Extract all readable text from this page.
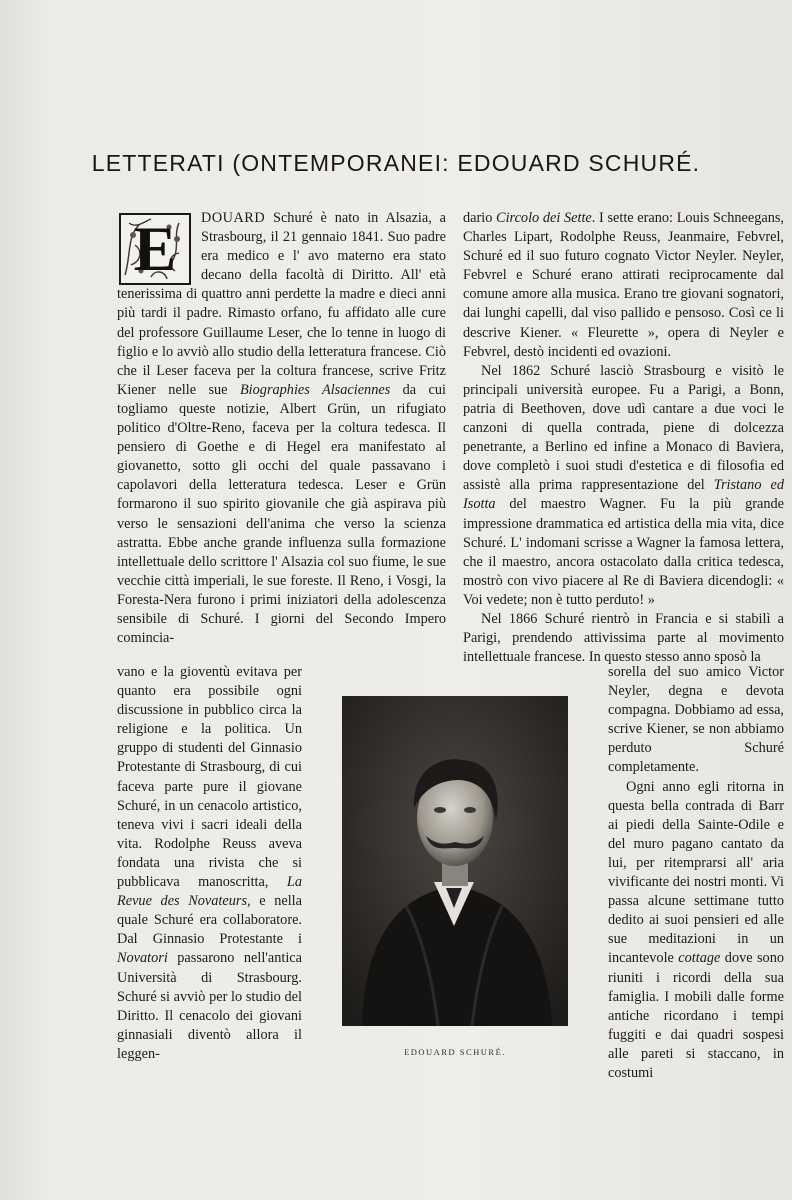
LETTERATI (ONTEMPORANEI: EDOUARD SCHURÉ.
E	DOUARD Schuré è nato in Alsazia, a Strasbourg, il 21 gennaio 1841. Suo padre era medico e l' avo materno era stato decano della facoltà di Diritto. All' età tenerissima di quattro anni perdette la madre e dieci anni più tardi il padre. Rimasto orfano, fu affidato alle cure del professore Guillaume Leser, che lo tenne in luogo di figlio e lo avviò allo studio della letteratura francese. Ciò che il Leser faceva per la coltura francese, scrive Fritz Kiener nelle sue Biographies Alsaciennes da cui togliamo queste notizie, Albert Grün, un rifugiato politico d'Oltre-Reno, faceva per la coltura tedesca. Il pensiero di Goethe e di Hegel era manifestato al giovanetto, sotto gli occhi del quale passavano i capolavori della letteratura tedesca. Leser e Grün formarono il suo spirito giovanile che già aspirava più verso le sensazioni dell'anima che verso la scienza astratta. Ebbe anche grande influenza sulla formazione intellettuale dello scrittore l' Alsazia col suo fiume, le sue vecchie città imperiali, le sue foreste. Il Reno, i Vosgi, la Foresta-Nera furono i primi iniziatori della adolescenza sensibile di Schuré. I giorni del Secondo Impero comincia-

vano e la gioventù evitava per quanto era possibile ogni discussione in pubblico circa la religione e la politica. Un gruppo di studenti del Ginnasio Protestante di Strasbourg, di cui faceva parte pure il giovane Schuré, in un cenacolo artistico, teneva vivi i sacri ideali della vita. Rodolphe Reuss aveva fondata una rivista che si pubblicava manoscritta, La Revue des Novateurs, e nella quale Schuré era collaboratore. Dal Ginnasio Protestante i Novatori passarono nell'antica Università di Strasbourg. Schuré si avviò per lo studio del Diritto. Il cenacolo dei giovani ginnasiali diventò allora il leggen-

dario Circolo dei Sette. I sette erano: Louis Schneegans, Charles Lipart, Rodolphe Reuss, Jeanmaire, Febvrel, Schuré ed il suo futuro cognato Victor Neyler. Neyler, Febvrel e Schuré erano attirati reciprocamente dal comune amore alla musica. Erano tre giovani sognatori, dai lunghi capelli, dal viso pallido e pensoso. Così ce li descrive Kiener. « Fleurette », opera di Neyler e Febvrel, destò incidenti ed ovazioni.

Nel 1862 Schuré lasciò Strasbourg e visitò le principali università europee. Fu a Parigi, a Bonn, patria di Beethoven, dove udì cantare a due voci le canzoni di quella contrada, piene di dolcezza penetrante, a Berlino ed infine a Monaco di Baviera, dove completò i suoi studi d'estetica e di filosofia ed assistè alla prima rappresentazione del Tristano ed Isotta del maestro Wagner. Fu la più grande impressione drammatica ed artistica della mia vita, dice Schuré. L' indomani scrisse a Wagner la famosa lettera, che il maestro, ancora ostacolato dalla critica tedesca, mostrò con vivo piacere al Re di Baviera dicendogli: « Voi vedete; non è tutto perduto! »

Nel 1866 Schuré rientrò in Francia e si stabilì a Parigi, prendendo attivissima parte al movimento intellettuale francese. In questo stesso anno sposò la

sorella del suo amico Victor Neyler, degna e devota compagna. Dobbiamo ad essa, scrive Kiener, se non abbiamo perduto Schuré completamente.

Ogni anno egli ritorna in questa bella contrada di Barr ai piedi della Sainte-Odile e del muro pagano cantato da lui, per ritemprarsi all' aria vivificante dei nostri monti. Vi passa alcune settimane tutto dedito ai suoi pensieri ed alle sue meditazioni in un incantevole cottage dove sono riuniti i ricordi della sua famiglia. I mobili dalle forme antiche ricordano i tempi fuggiti e dai quadri sospesi alle pareti si staccano, in costumi

EDOUARD SCHURÉ.
